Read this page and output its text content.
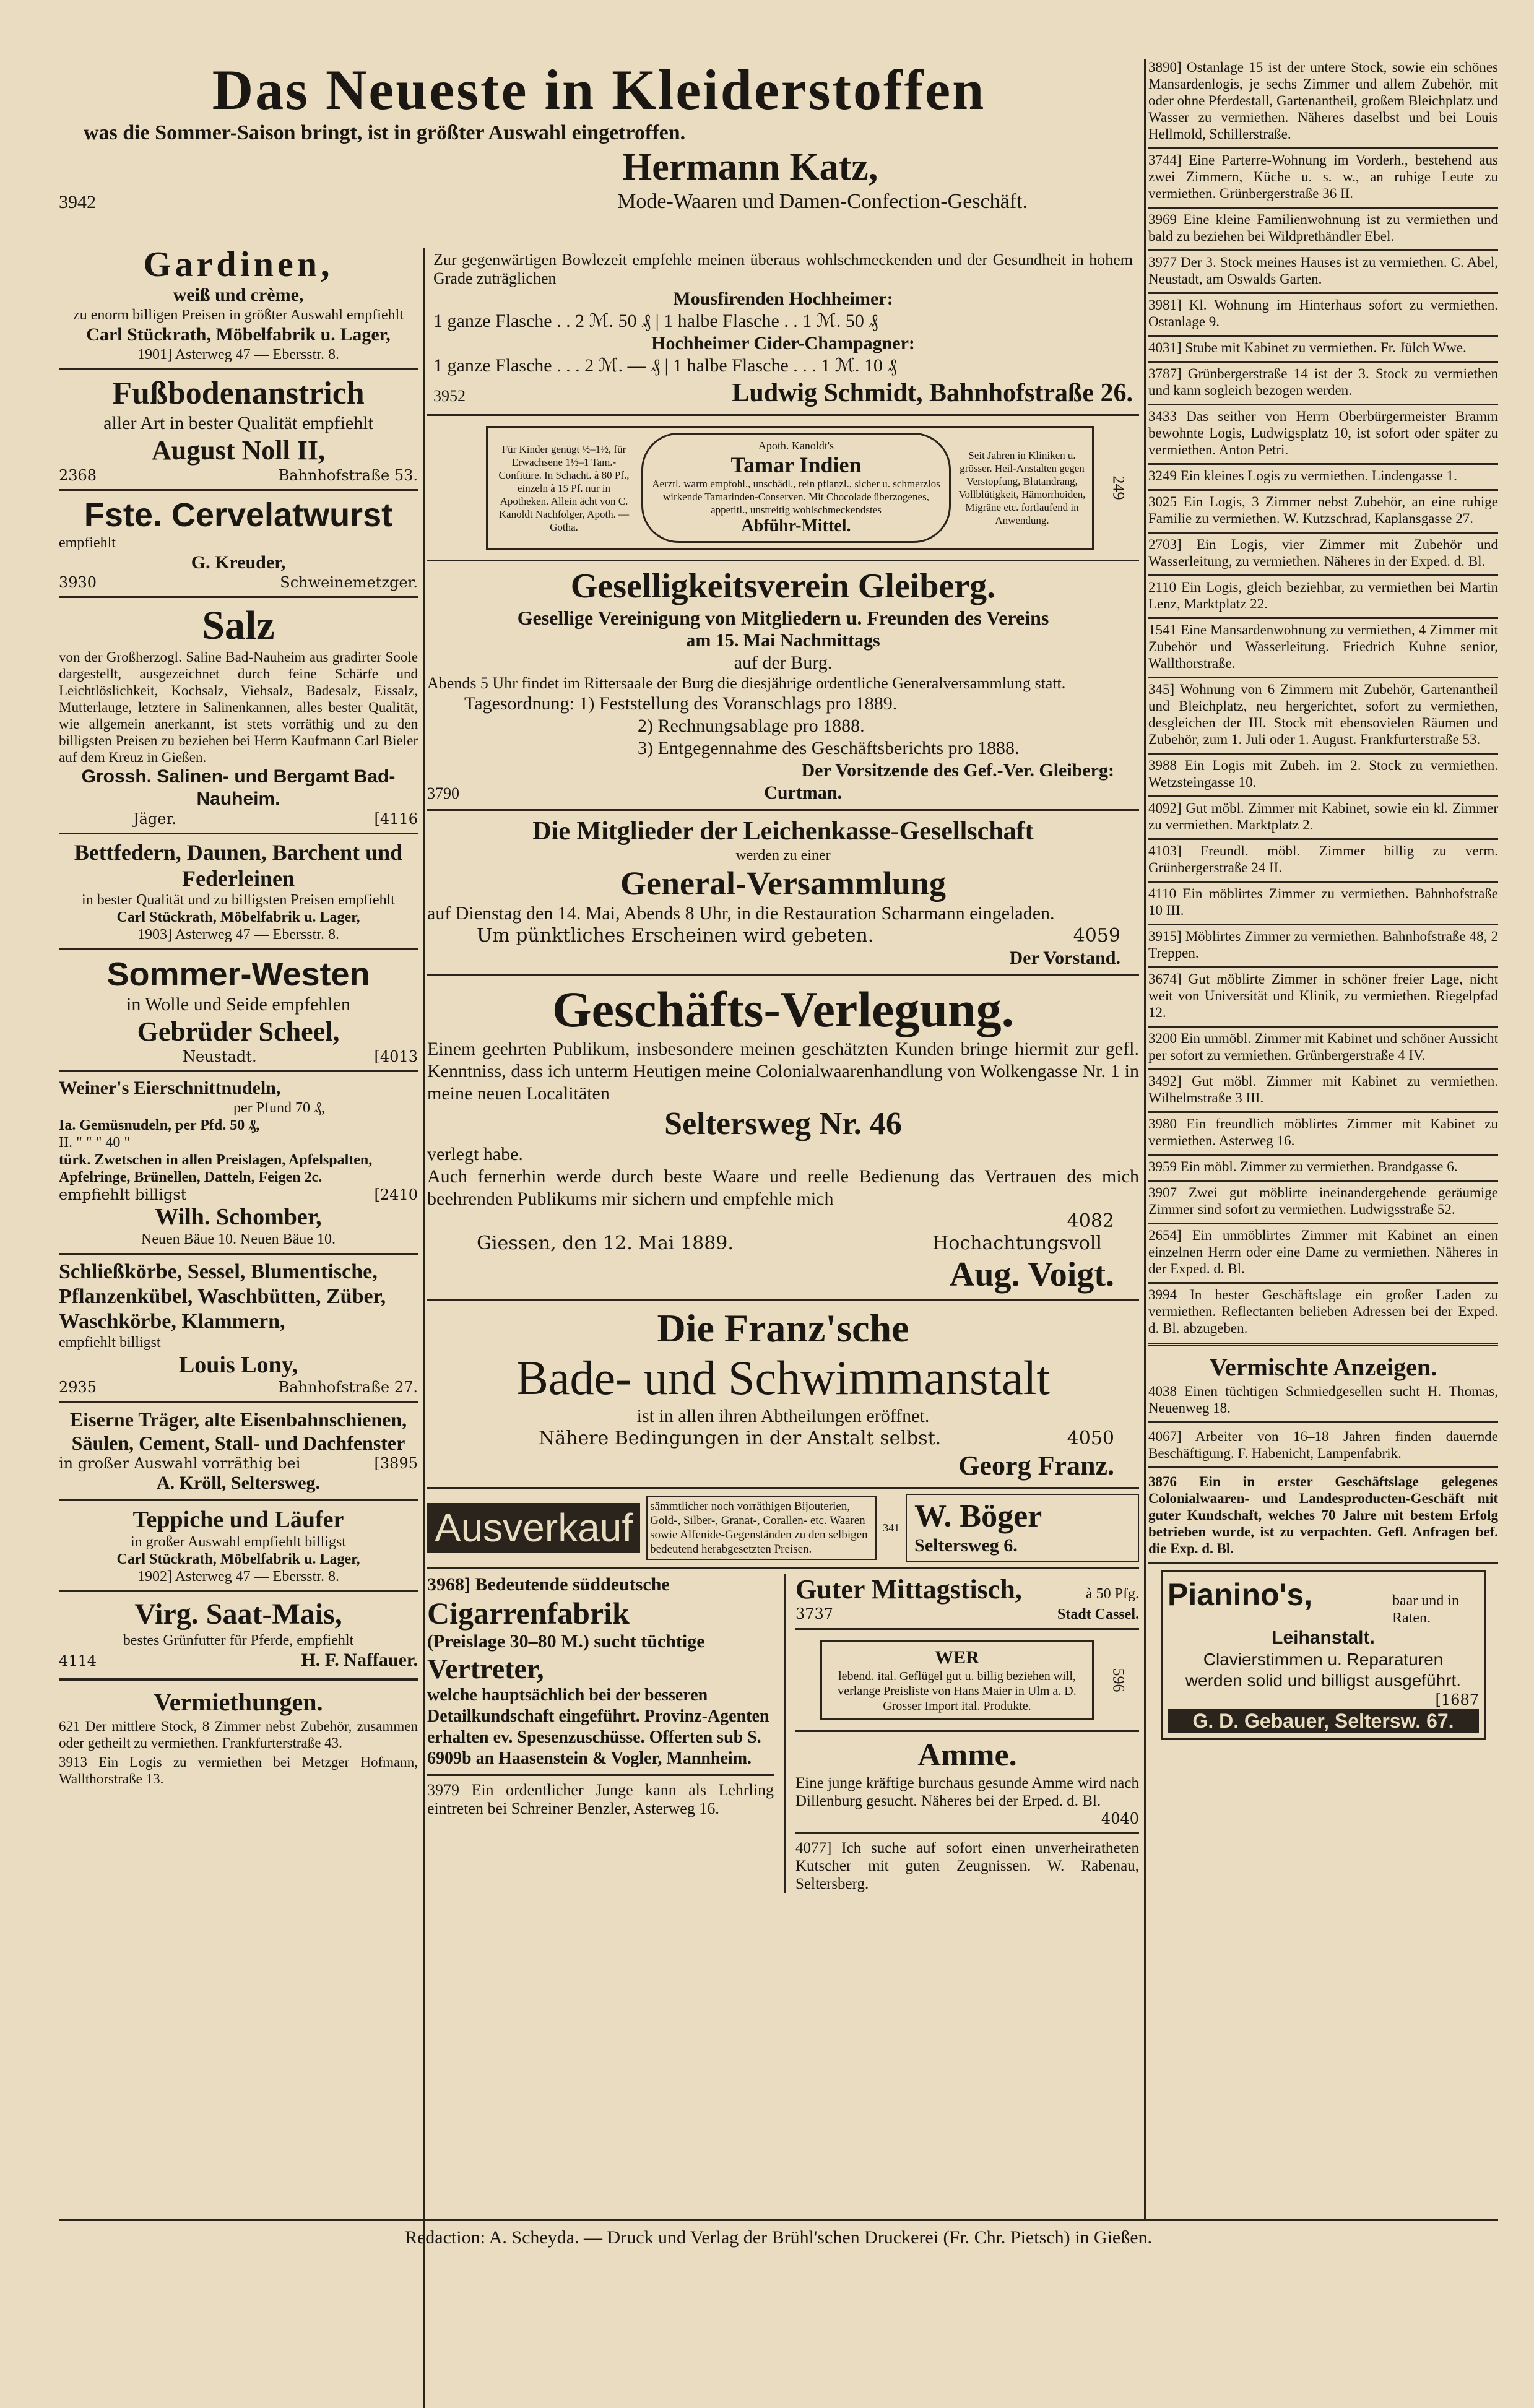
Das Neueste in Kleiderstoffen
was die Sommer-Saison bringt, ist in größter Auswahl eingetroffen.
Hermann Katz,
3942	Mode-Waaren und Damen-Confection-Geschäft.
Gardinen,
weiß und crème,
zu enorm billigen Preisen in größter Auswahl empfiehlt
Carl Stückrath, Möbelfabrik u. Lager,
1901] Asterweg 47 — Ebersstr. 8.
Fußbodenanstrich
aller Art in bester Qualität empfiehlt
August Noll II,
2368	Bahnhofstraße 53.
Fste. Cervelatwurst
empfiehlt
G. Kreuder,
3930	Schweinemetzger.
Salz
von der Großherzogl. Saline Bad-Nauheim aus gradirter Soole dargestellt, ausgezeichnet durch feine Schärfe und Leichtlöslichkeit, Kochsalz, Viehsalz, Badesalz, Eissalz, Mutterlauge, letztere in Salinenkannen, alles bester Qualität, wie allgemein anerkannt, ist stets vorräthig und zu den billigsten Preisen zu beziehen bei Herrn Kaufmann Carl Bieler auf dem Kreuz in Gießen.
Grossh. Salinen- und Bergamt Bad-Nauheim.
Jäger.	[4116
Bettfedern, Daunen, Barchent und Federleinen
in bester Qualität und zu billigsten Preisen empfiehlt
Carl Stückrath, Möbelfabrik u. Lager,
1903] Asterweg 47 — Ebersstr. 8.
Sommer-Westen
in Wolle und Seide empfehlen
Gebrüder Scheel,
Neustadt.	[4013
Weiner's Eierschnittnudeln,
per Pfund 70 ₰,
Ia. Gemüsnudeln, per Pfd. 50 ₰,
II. " " " 40 "
türk. Zwetschen in allen Preislagen, Apfelspalten, Apfelringe, Brünellen, Datteln, Feigen 2c.
empfiehlt billigst	[2410
Wilh. Schomber,
Neuen Bäue 10. Neuen Bäue 10.
Schließkörbe, Sessel, Blumentische, Pflanzenkübel, Waschbütten, Züber, Waschkörbe, Klammern,
empfiehlt billigst
Louis Lony,
2935	Bahnhofstraße 27.
Eiserne Träger, alte Eisenbahnschienen, Säulen, Cement, Stall- und Dachfenster
in großer Auswahl vorräthig bei	[3895
A. Kröll, Seltersweg.
Teppiche und Läufer
in großer Auswahl empfiehlt billigst
Carl Stückrath, Möbelfabrik u. Lager,
1902] Asterweg 47 — Ebersstr. 8.
Virg. Saat-Mais,
bestes Grünfutter für Pferde, empfiehlt
4114	H. F. Naffauer.
Vermiethungen.
621 Der mittlere Stock, 8 Zimmer nebst Zubehör, zusammen oder getheilt zu vermiethen. Frankfurterstraße 43.
3913 Ein Logis zu vermiethen bei Metzger Hofmann, Wallthorstraße 13.
Zur gegenwärtigen Bowlezeit empfehle meinen überaus wohlschmeckenden und der Gesundheit in hohem Grade zuträglichen
Mousfirenden Hochheimer:
1 ganze Flasche . . 2 ℳ. 50 ₰ | 1 halbe Flasche . . 1 ℳ. 50 ₰
Hochheimer Cider-Champagner:
1 ganze Flasche . . . 2 ℳ. — ₰ | 1 halbe Flasche . . . 1 ℳ. 10 ₰
3952	Ludwig Schmidt, Bahnhofstraße 26.
Für Kinder genügt ½–1½, für Erwachsene 1½–1 Tam.-Confitüre. In Schacht. à 80 Pf., einzeln à 15 Pf. nur in Apotheken. Allein ächt von C. Kanoldt Nachfolger, Apoth. — Gotha.
Apoth. Kanoldt's
Tamar Indien
Aerztl. warm empfohl., unschädl., rein pflanzl., sicher u. schmerzlos wirkende Tamarinden-Conserven. Mit Chocolade überzogenes, appetitl., unstreitig wohlschmeckendstes
Abführ-Mittel.
Seit Jahren in Kliniken u. grösser. Heil-Anstalten gegen Verstopfung, Blutandrang, Vollblütigkeit, Hämorrhoiden, Migräne etc. fortlaufend in Anwendung.
249
Geselligkeitsverein Gleiberg.
Gesellige Vereinigung von Mitgliedern u. Freunden des Vereins
am 15. Mai Nachmittags
auf der Burg.
Abends 5 Uhr findet im Rittersaale der Burg die diesjährige ordentliche Generalversammlung statt.
Tagesordnung: 1) Feststellung des Voranschlags pro 1889.
2) Rechnungsablage pro 1888.
3) Entgegennahme des Geschäftsberichts pro 1888.
Der Vorsitzende des Gef.-Ver. Gleiberg:
3790	Curtman.
Die Mitglieder der Leichenkasse-Gesellschaft
werden zu einer
General-Versammlung
auf Dienstag den 14. Mai, Abends 8 Uhr, in die Restauration Scharmann eingeladen.
Um pünktliches Erscheinen wird gebeten.	4059
Der Vorstand.
Geschäfts-Verlegung.
Einem geehrten Publikum, insbesondere meinen geschätzten Kunden bringe hiermit zur gefl. Kenntniss, dass ich unterm Heutigen meine Colonialwaarenhandlung von Wolkengasse Nr. 1 in meine neuen Localitäten
Seltersweg Nr. 46
verlegt habe.
Auch fernerhin werde durch beste Waare und reelle Bedienung das Vertrauen des mich beehrenden Publikums mir sichern und empfehle mich
4082
Giessen, den 12. Mai 1889.	Hochachtungsvoll
Aug. Voigt.
Die Franz'sche
Bade- und Schwimmanstalt
ist in allen ihren Abtheilungen eröffnet.
Nähere Bedingungen in der Anstalt selbst.	4050
Georg Franz.
Ausverkauf	sämmtlicher noch vorräthigen Bijouterien, Gold-, Silber-, Granat-, Corallen- etc. Waaren sowie Alfenide-Gegenständen zu den selbigen bedeutend herabgesetzten Preisen.
341 W. Böger
Seltersweg 6.
3968] Bedeutende süddeutsche
Cigarrenfabrik
(Preislage 30–80 M.) sucht tüchtige
Vertreter,
welche hauptsächlich bei der besseren Detailkundschaft eingeführt. Provinz-Agenten erhalten ev. Spesenzuschüsse. Offerten sub S. 6909b an Haasenstein & Vogler, Mannheim.
3979 Ein ordentlicher Junge kann als Lehrling eintreten bei Schreiner Benzler, Asterweg 16.
Guter Mittagstisch,	à 50 Pfg.
3737	Stadt Cassel.
WER
lebend. ital. Geflügel gut u. billig beziehen will, verlange Preisliste von Hans Maier in Ulm a. D. Grosser Import ital. Produkte.
596
Amme.
Eine junge kräftige burchaus gesunde Amme wird nach Dillenburg gesucht. Näheres bei der Erped. d. Bl.
4040
4077] Ich suche auf sofort einen unverheiratheten Kutscher mit guten Zeugnissen. W. Rabenau, Seltersberg.
3890] Ostanlage 15 ist der untere Stock, sowie ein schönes Mansardenlogis, je sechs Zimmer und allem Zubehör, mit oder ohne Pferdestall, Gartenantheil, großem Bleichplatz und Wasser zu vermiethen. Näheres daselbst und bei Louis Hellmold, Schillerstraße.
3744] Eine Parterre-Wohnung im Vorderh., bestehend aus zwei Zimmern, Küche u. s. w., an ruhige Leute zu vermiethen. Grünbergerstraße 36 II.
3969 Eine kleine Familienwohnung ist zu vermiethen und bald zu beziehen bei Wildprethändler Ebel.
3977 Der 3. Stock meines Hauses ist zu vermiethen. C. Abel, Neustadt, am Oswalds Garten.
3981] Kl. Wohnung im Hinterhaus sofort zu vermiethen. Ostanlage 9.
4031] Stube mit Kabinet zu vermiethen. Fr. Jülch Wwe.
3787] Grünbergerstraße 14 ist der 3. Stock zu vermiethen und kann sogleich bezogen werden.
3433 Das seither von Herrn Oberbürgermeister Bramm bewohnte Logis, Ludwigsplatz 10, ist sofort oder später zu vermiethen. Anton Petri.
3249 Ein kleines Logis zu vermiethen. Lindengasse 1.
3025 Ein Logis, 3 Zimmer nebst Zubehör, an eine ruhige Familie zu vermiethen. W. Kutzschrad, Kaplansgasse 27.
2703] Ein Logis, vier Zimmer mit Zubehör und Wasserleitung, zu vermiethen. Näheres in der Exped. d. Bl.
2110 Ein Logis, gleich beziehbar, zu vermiethen bei Martin Lenz, Marktplatz 22.
1541 Eine Mansardenwohnung zu vermiethen, 4 Zimmer mit Zubehör und Wasserleitung. Friedrich Kuhne senior, Wallthorstraße.
345] Wohnung von 6 Zimmern mit Zubehör, Gartenantheil und Bleichplatz, neu hergerichtet, sofort zu vermiethen, desgleichen der III. Stock mit ebensovielen Räumen und Zubehör, zum 1. Juli oder 1. August. Frankfurterstraße 53.
3988 Ein Logis mit Zubeh. im 2. Stock zu vermiethen. Wetzsteingasse 10.
4092] Gut möbl. Zimmer mit Kabinet, sowie ein kl. Zimmer zu vermiethen. Marktplatz 2.
4103] Freundl. möbl. Zimmer billig zu verm. Grünbergerstraße 24 II.
4110 Ein möblirtes Zimmer zu vermiethen. Bahnhofstraße 10 III.
3915] Möblirtes Zimmer zu vermiethen. Bahnhofstraße 48, 2 Treppen.
3674] Gut möblirte Zimmer in schöner freier Lage, nicht weit von Universität und Klinik, zu vermiethen. Riegelpfad 12.
3200 Ein unmöbl. Zimmer mit Kabinet und schöner Aussicht per sofort zu vermiethen. Grünbergerstraße 4 IV.
3492] Gut möbl. Zimmer mit Kabinet zu vermiethen. Wilhelmstraße 3 III.
3980 Ein freundlich möblirtes Zimmer mit Kabinet zu vermiethen. Asterweg 16.
3959 Ein möbl. Zimmer zu vermiethen. Brandgasse 6.
3907 Zwei gut möblirte ineinandergehende geräumige Zimmer sind sofort zu vermiethen. Ludwigsstraße 52.
2654] Ein unmöblirtes Zimmer mit Kabinet an einen einzelnen Herrn oder eine Dame zu vermiethen. Näheres in der Exped. d. Bl.
3994 In bester Geschäftslage ein großer Laden zu vermiethen. Reflectanten belieben Adressen bei der Exped. d. Bl. abzugeben.
Vermischte Anzeigen.
4038 Einen tüchtigen Schmiedgesellen sucht H. Thomas, Neuenweg 18.
4067] Arbeiter von 16–18 Jahren finden dauernde Beschäftigung. F. Habenicht, Lampenfabrik.
3876 Ein in erster Geschäftslage gelegenes Colonialwaaren- und Landesproducten-Geschäft mit guter Kundschaft, welches 70 Jahre mit bestem Erfolg betrieben wurde, ist zu verpachten. Gefl. Anfragen bef. die Exp. d. Bl.
Pianino's,	baar und in Raten.
Leihanstalt.
Clavierstimmen u. Reparaturen
werden solid und billigst ausgeführt.
[1687
G. D. Gebauer, Seltersw. 67.
Redaction: A. Scheyda. — Druck und Verlag der Brühl'schen Druckerei (Fr. Chr. Pietsch) in Gießen.
